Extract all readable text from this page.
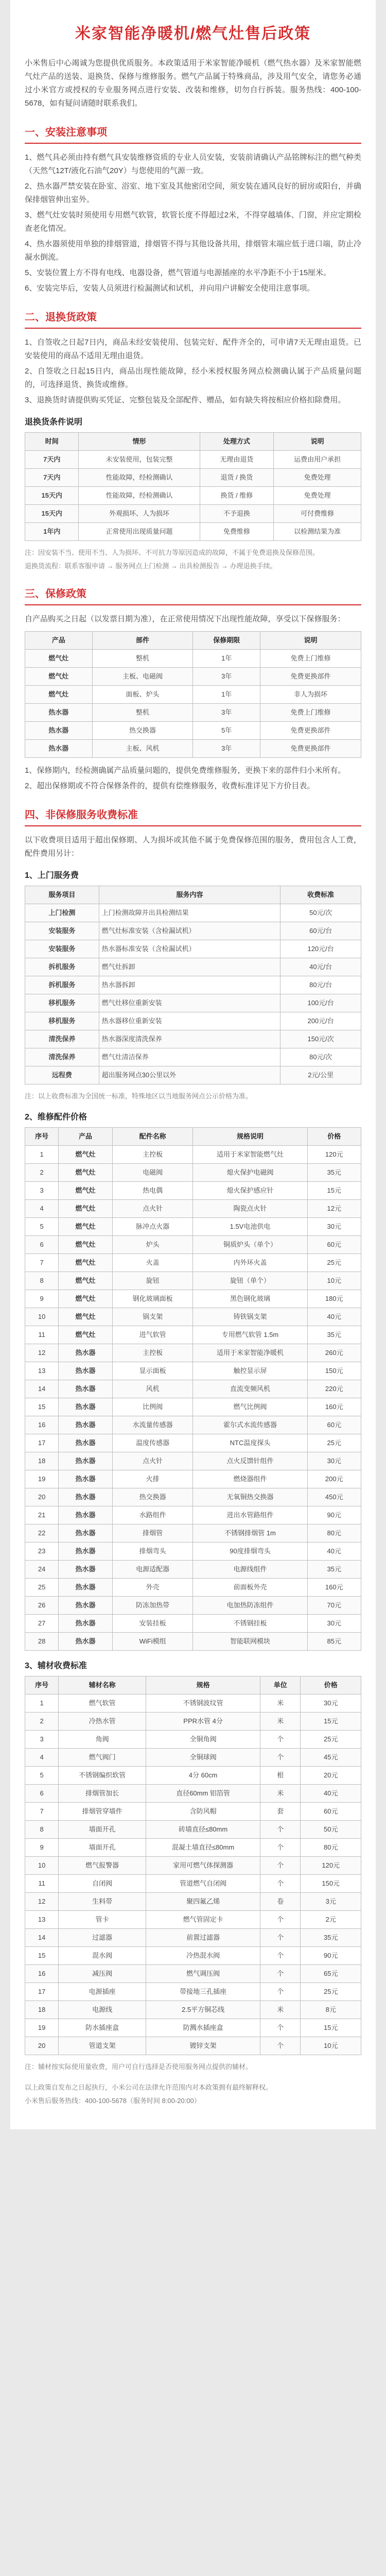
米家智能净暖机/燃气灶售后政策

小米售后中心竭诚为您提供优质服务。本政策适用于米家智能净暖机（燃气热水器）及米家智能燃气灶产品的送装、退换货、保修与维修服务。燃气产品属于特殊商品，涉及用气安全，请您务必通过小米官方或授权的专业服务网点进行安装、改装和维修，切勿自行拆装。服务热线：400-100-5678，如有疑问请随时联系我们。

一、安装注意事项

1、燃气具必须由持有燃气具安装维修资质的专业人员安装，安装前请确认产品铭牌标注的燃气种类（天然气12T/液化石油气20Y）与您使用的气源一致。

2、热水器严禁安装在卧室、浴室、地下室及其他密闭空间，须安装在通风良好的厨房或阳台，并确保排烟管伸出室外。

3、燃气灶安装时须使用专用燃气软管，软管长度不得超过2米，不得穿越墙体、门窗，并应定期检查老化情况。

4、热水器须使用单独的排烟管道，排烟管不得与其他设备共用，排烟管末端应低于进口端，防止冷凝水倒流。

5、安装位置上方不得有电线、电器设备，燃气管道与电源插座的水平净距不小于15厘米。

6、安装完毕后，安装人员须进行检漏测试和试机，并向用户讲解安全使用注意事项。

二、退换货政策

1、自签收之日起7日内，商品未经安装使用、包装完好、配件齐全的，可申请7天无理由退货。已安装使用的商品不适用无理由退货。

2、自签收之日起15日内，商品出现性能故障，经小米授权服务网点检测确认属于产品质量问题的，可选择退货、换货或维修。

3、退换货时请提供购买凭证、完整包装及全部配件、赠品，如有缺失将按相应价格扣除费用。

退换货条件说明
时间	情形	处理方式	说明
7天内	未安装使用，包装完整	无理由退货	运费由用户承担
7天内	性能故障，经检测确认	退货 / 换货	免费处理
15天内	性能故障，经检测确认	换货 / 维修	免费处理
15天内	外观损坏、人为损坏	不予退换	可付费维修
1年内	正常使用出现质量问题	免费维修	以检测结果为准

注：因安装不当、使用不当、人为损坏、不可抗力等原因造成的故障，不属于免费退换及保修范围。

退换货流程：联系客服申请 → 服务网点上门检测 → 出具检测报告 → 办理退换手续。

三、保修政策

自产品购买之日起（以发票日期为准），在正常使用情况下出现性能故障，享受以下保修服务：

产品	部件	保修期限	说明
燃气灶	整机	1年	免费上门维修
燃气灶	主板、电磁阀	3年	免费更换部件
燃气灶	面板、炉头	1年	非人为损坏
热水器	整机	3年	免费上门维修
热水器	热交换器	5年	免费更换部件
热水器	主板、风机	3年	免费更换部件

1、保修期内，经检测确属产品质量问题的，提供免费维修服务，更换下来的部件归小米所有。

2、超出保修期或不符合保修条件的，提供有偿维修服务，收费标准详见下方价目表。

四、非保修服务收费标准

以下收费项目适用于超出保修期、人为损坏或其他不属于免费保修范围的服务，费用包含人工费，配件费用另计：

1、上门服务费
服务项目	服务内容	收费标准
上门检测	上门检测故障并出具检测结果	50元/次
安装服务	燃气灶标准安装（含检漏试机）	60元/台
安装服务	热水器标准安装（含检漏试机）	120元/台
拆机服务	燃气灶拆卸	40元/台
拆机服务	热水器拆卸	80元/台
移机服务	燃气灶移位重新安装	100元/台
移机服务	热水器移位重新安装	200元/台
清洗保养	热水器深度清洗保养	150元/次
清洗保养	燃气灶清洁保养	80元/次
远程费	超出服务网点30公里以外	2元/公里

注：以上收费标准为全国统一标准，特殊地区以当地服务网点公示价格为准。

2、维修配件价格
序号	产品	配件名称	规格说明	价格
1	燃气灶	主控板	适用于米家智能燃气灶	120元
2	燃气灶	电磁阀	熄火保护电磁阀	35元
3	燃气灶	热电偶	熄火保护感应针	15元
4	燃气灶	点火针	陶瓷点火针	12元
5	燃气灶	脉冲点火器	1.5V电池供电	30元
6	燃气灶	炉头	铜质炉头（单个）	60元
7	燃气灶	火盖	内外环火盖	25元
8	燃气灶	旋钮	旋钮（单个）	10元
9	燃气灶	钢化玻璃面板	黑色钢化玻璃	180元
10	燃气灶	锅支架	铸铁锅支架	40元
11	燃气灶	进气软管	专用燃气软管 1.5m	35元
12	热水器	主控板	适用于米家智能净暖机	260元
13	热水器	显示面板	触控显示屏	150元
14	热水器	风机	直流变频风机	220元
15	热水器	比例阀	燃气比例阀	160元
16	热水器	水流量传感器	霍尔式水流传感器	60元
17	热水器	温度传感器	NTC温度探头	25元
18	热水器	点火针	点火反馈针组件	30元
19	热水器	火排	燃烧器组件	200元
20	热水器	热交换器	无氧铜热交换器	450元
21	热水器	水路组件	进出水管路组件	90元
22	热水器	排烟管	不锈钢排烟管 1m	80元
23	热水器	排烟弯头	90度排烟弯头	40元
24	热水器	电源适配器	电源线组件	35元
25	热水器	外壳	前面板外壳	160元
26	热水器	防冻加热带	电加热防冻组件	70元
27	热水器	安装挂板	不锈钢挂板	30元
28	热水器	WiFi模组	智能联网模块	85元
3、辅材收费标准
序号	辅材名称	规格	单位	价格
1	燃气软管	不锈钢波纹管	米	30元
2	冷热水管	PPR水管 4分	米	15元
3	角阀	全铜角阀	个	25元
4	燃气阀门	全铜球阀	个	45元
5	不锈钢编织软管	4分 60cm	根	20元
6	排烟管加长	直径60mm 铝箔管	米	40元
7	排烟管穿墙件	含防风帽	套	60元
8	墙面开孔	砖墙直径≤80mm	个	50元
9	墙面开孔	混凝土墙直径≤80mm	个	80元
10	燃气报警器	家用可燃气体探测器	个	120元
11	自闭阀	管道燃气自闭阀	个	150元
12	生料带	聚四氟乙烯	卷	3元
13	管卡	燃气管固定卡	个	2元
14	过滤器	前置过滤器	个	35元
15	混水阀	冷热混水阀	个	90元
16	减压阀	燃气调压阀	个	65元
17	电源插座	带接地三孔插座	个	25元
18	电源线	2.5平方铜芯线	米	8元
19	防水插座盒	防溅水插座盒	个	15元
20	管道支架	镀锌支架	个	10元

注：辅材按实际使用量收费，用户可自行选择是否使用服务网点提供的辅材。

以上政策自发布之日起执行，小米公司在法律允许范围内对本政策拥有最终解释权。

小米售后服务热线：400-100-5678（服务时间 8:00-20:00）
